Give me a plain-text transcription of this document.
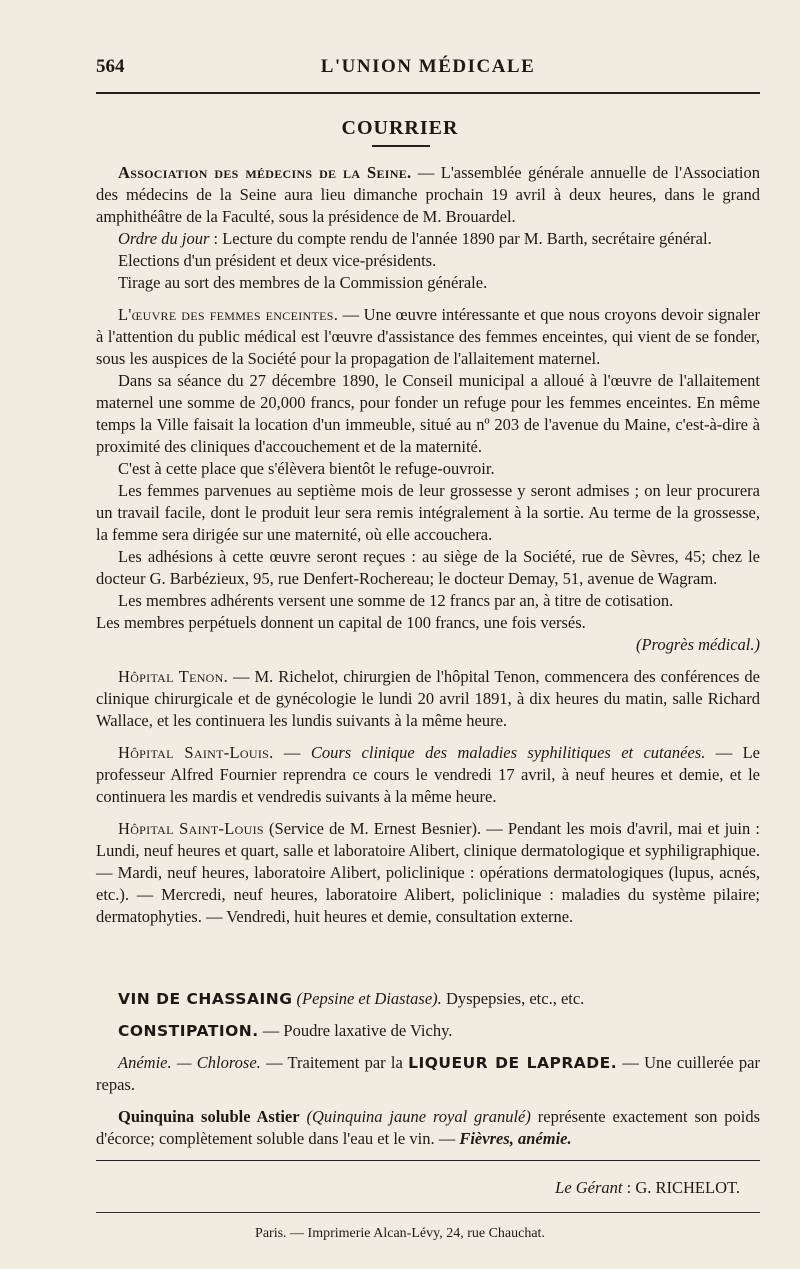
564	L'UNION MÉDICALE
COURRIER

Association des médecins de la Seine. — L'assemblée générale annuelle de l'Association des médecins de la Seine aura lieu dimanche prochain 19 avril à deux heures, dans le grand amphithéâtre de la Faculté, sous la présidence de M. Brouardel.

Ordre du jour : Lecture du compte rendu de l'année 1890 par M. Barth, secrétaire général.

Elections d'un président et deux vice-présidents.

Tirage au sort des membres de la Commission générale.

L'œuvre des femmes enceintes. — Une œuvre intéressante et que nous croyons devoir signaler à l'attention du public médical est l'œuvre d'assistance des femmes enceintes, qui vient de se fonder, sous les auspices de la Société pour la propagation de l'allaitement maternel.

Dans sa séance du 27 décembre 1890, le Conseil municipal a alloué à l'œuvre de l'allaitement maternel une somme de 20,000 francs, pour fonder un refuge pour les femmes enceintes. En même temps la Ville faisait la location d'un immeuble, situé au nº 203 de l'avenue du Maine, c'est-à-dire à proximité des cliniques d'accouchement et de la maternité.

C'est à cette place que s'élèvera bientôt le refuge-ouvroir.

Les femmes parvenues au septième mois de leur grossesse y seront admises ; on leur procurera un travail facile, dont le produit leur sera remis intégralement à la sortie. Au terme de la grossesse, la femme sera dirigée sur une maternité, où elle accouchera.

Les adhésions à cette œuvre seront reçues : au siège de la Société, rue de Sèvres, 45; chez le docteur G. Barbézieux, 95, rue Denfert-Rochereau; le docteur Demay, 51, avenue de Wagram.

Les membres adhérents versent une somme de 12 francs par an, à titre de cotisation.

Les membres perpétuels donnent un capital de 100 francs, une fois versés.

(Progrès médical.)

Hôpital Tenon. — M. Richelot, chirurgien de l'hôpital Tenon, commencera des conférences de clinique chirurgicale et de gynécologie le lundi 20 avril 1891, à dix heures du matin, salle Richard Wallace, et les continuera les lundis suivants à la même heure.

Hôpital Saint-Louis. — Cours clinique des maladies syphilitiques et cutanées. — Le professeur Alfred Fournier reprendra ce cours le vendredi 17 avril, à neuf heures et demie, et le continuera les mardis et vendredis suivants à la même heure.

Hôpital Saint-Louis (Service de M. Ernest Besnier). — Pendant les mois d'avril, mai et juin : Lundi, neuf heures et quart, salle et laboratoire Alibert, clinique dermatologique et syphiligraphique. — Mardi, neuf heures, laboratoire Alibert, policlinique : opérations dermatologiques (lupus, acnés, etc.). — Mercredi, neuf heures, laboratoire Alibert, policlinique : maladies du système pilaire; dermatophyties. — Vendredi, huit heures et demie, consultation externe.

VIN DE CHASSAING (Pepsine et Diastase). Dyspepsies, etc., etc.

CONSTIPATION. — Poudre laxative de Vichy.

Anémie. — Chlorose. — Traitement par la LIQUEUR DE LAPRADE. — Une cuillerée par repas.

Quinquina soluble Astier (Quinquina jaune royal granulé) représente exactement son poids d'écorce; complètement soluble dans l'eau et le vin. — Fièvres, anémie.

Le Gérant : G. RICHELOT.
Paris. — Imprimerie Alcan-Lévy, 24, rue Chauchat.
